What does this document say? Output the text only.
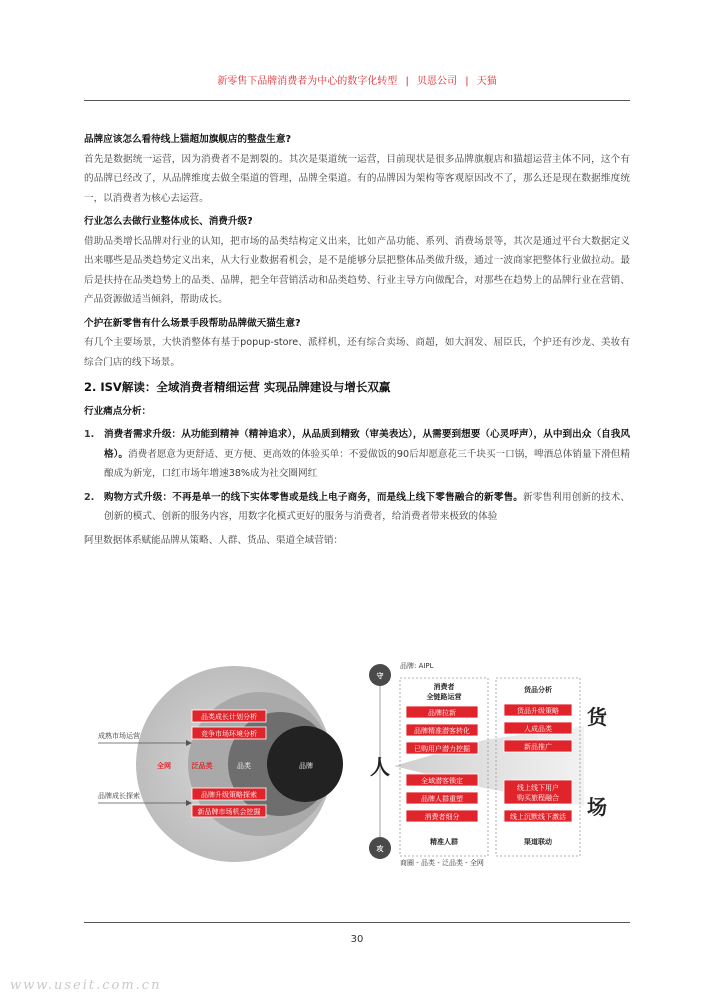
新零售下品牌消费者为中心的数字化转型 | 贝恩公司 | 天猫

品牌应该怎么看待线上猫超加旗舰店的整盘生意?

首先是数据统一运营，因为消费者不是割裂的。其次是渠道统一运营，目前现状是很多品牌旗舰店和猫超运营主体不同，这个有的品牌已经改了，从品牌维度去做全渠道的管理，品牌全渠道。有的品牌因为架构等客观原因改不了，那么还是现在数据维度统一，以消费者为核心去运营。

行业怎么去做行业整体成长、消费升级?

借助品类增长品牌对行业的认知，把市场的品类结构定义出来，比如产品功能、系列、消费场景等，其次是通过平台大数据定义出来哪些是品类趋势定义出来，从大行业数据看机会，是不是能够分层把整体品类做升级，通过一波商家把整体行业做拉动。最后是扶持在品类趋势上的品类、品牌，把全年营销活动和品类趋势、行业主导方向做配合，对那些在趋势上的品牌行业在营销、产品资源做适当倾斜，帮助成长。

个护在新零售有什么场景手段帮助品牌做天猫生意?

有几个主要场景，大快消整体有基于popup-store、派样机，还有综合卖场、商超，如大润发、屈臣氏，个护还有沙龙、美妆有综合门店的线下场景。

2. ISV解读：全域消费者精细运营 实现品牌建设与增长双赢

行业痛点分析：

1. 消费者需求升级：从功能到精神（精神追求），从品质到精致（审美表达），从需要到想要（心灵呼声），从中到出众（自我风格）。消费者愿意为更舒适、更方便、更高效的体验买单：不爱做饭的90后却愿意花三千块买一口锅，啤酒总体销量下滑但精酿成为新宠，口红市场年增速38%成为社交圈网红
2. 购物方式升级：不再是单一的线下实体零售或是线上电子商务，而是线上线下零售融合的新零售。新零售利用创新的技术、创新的模式、创新的服务内容，用数字化模式更好的服务与消费者，给消费者带来极致的体验

阿里数据体系赋能品牌从策略、人群、货品、渠道全域营销：

全网	泛品类	品类	品牌
成熟市场运营
品牌成长探索
品类成长计划分析
竞争市场环境分析
品牌升级策略探索
新品牌市场机会挖掘
品牌: AIPL
守
攻
商圈 - 品类 - 泛品类 - 全网
人
货
场
消费者
全链路运营
品牌拉新
品牌精准潜客转化
已购用户潜力挖掘
全域潜客锁定
品牌人群重塑
消费者细分
精准人群
货品分析
货品升级策略
人成品类
新品推广
线上线下用户
购买旅程融合
线上沉默线下激活
渠道联动
30
www.useit.com.cn
